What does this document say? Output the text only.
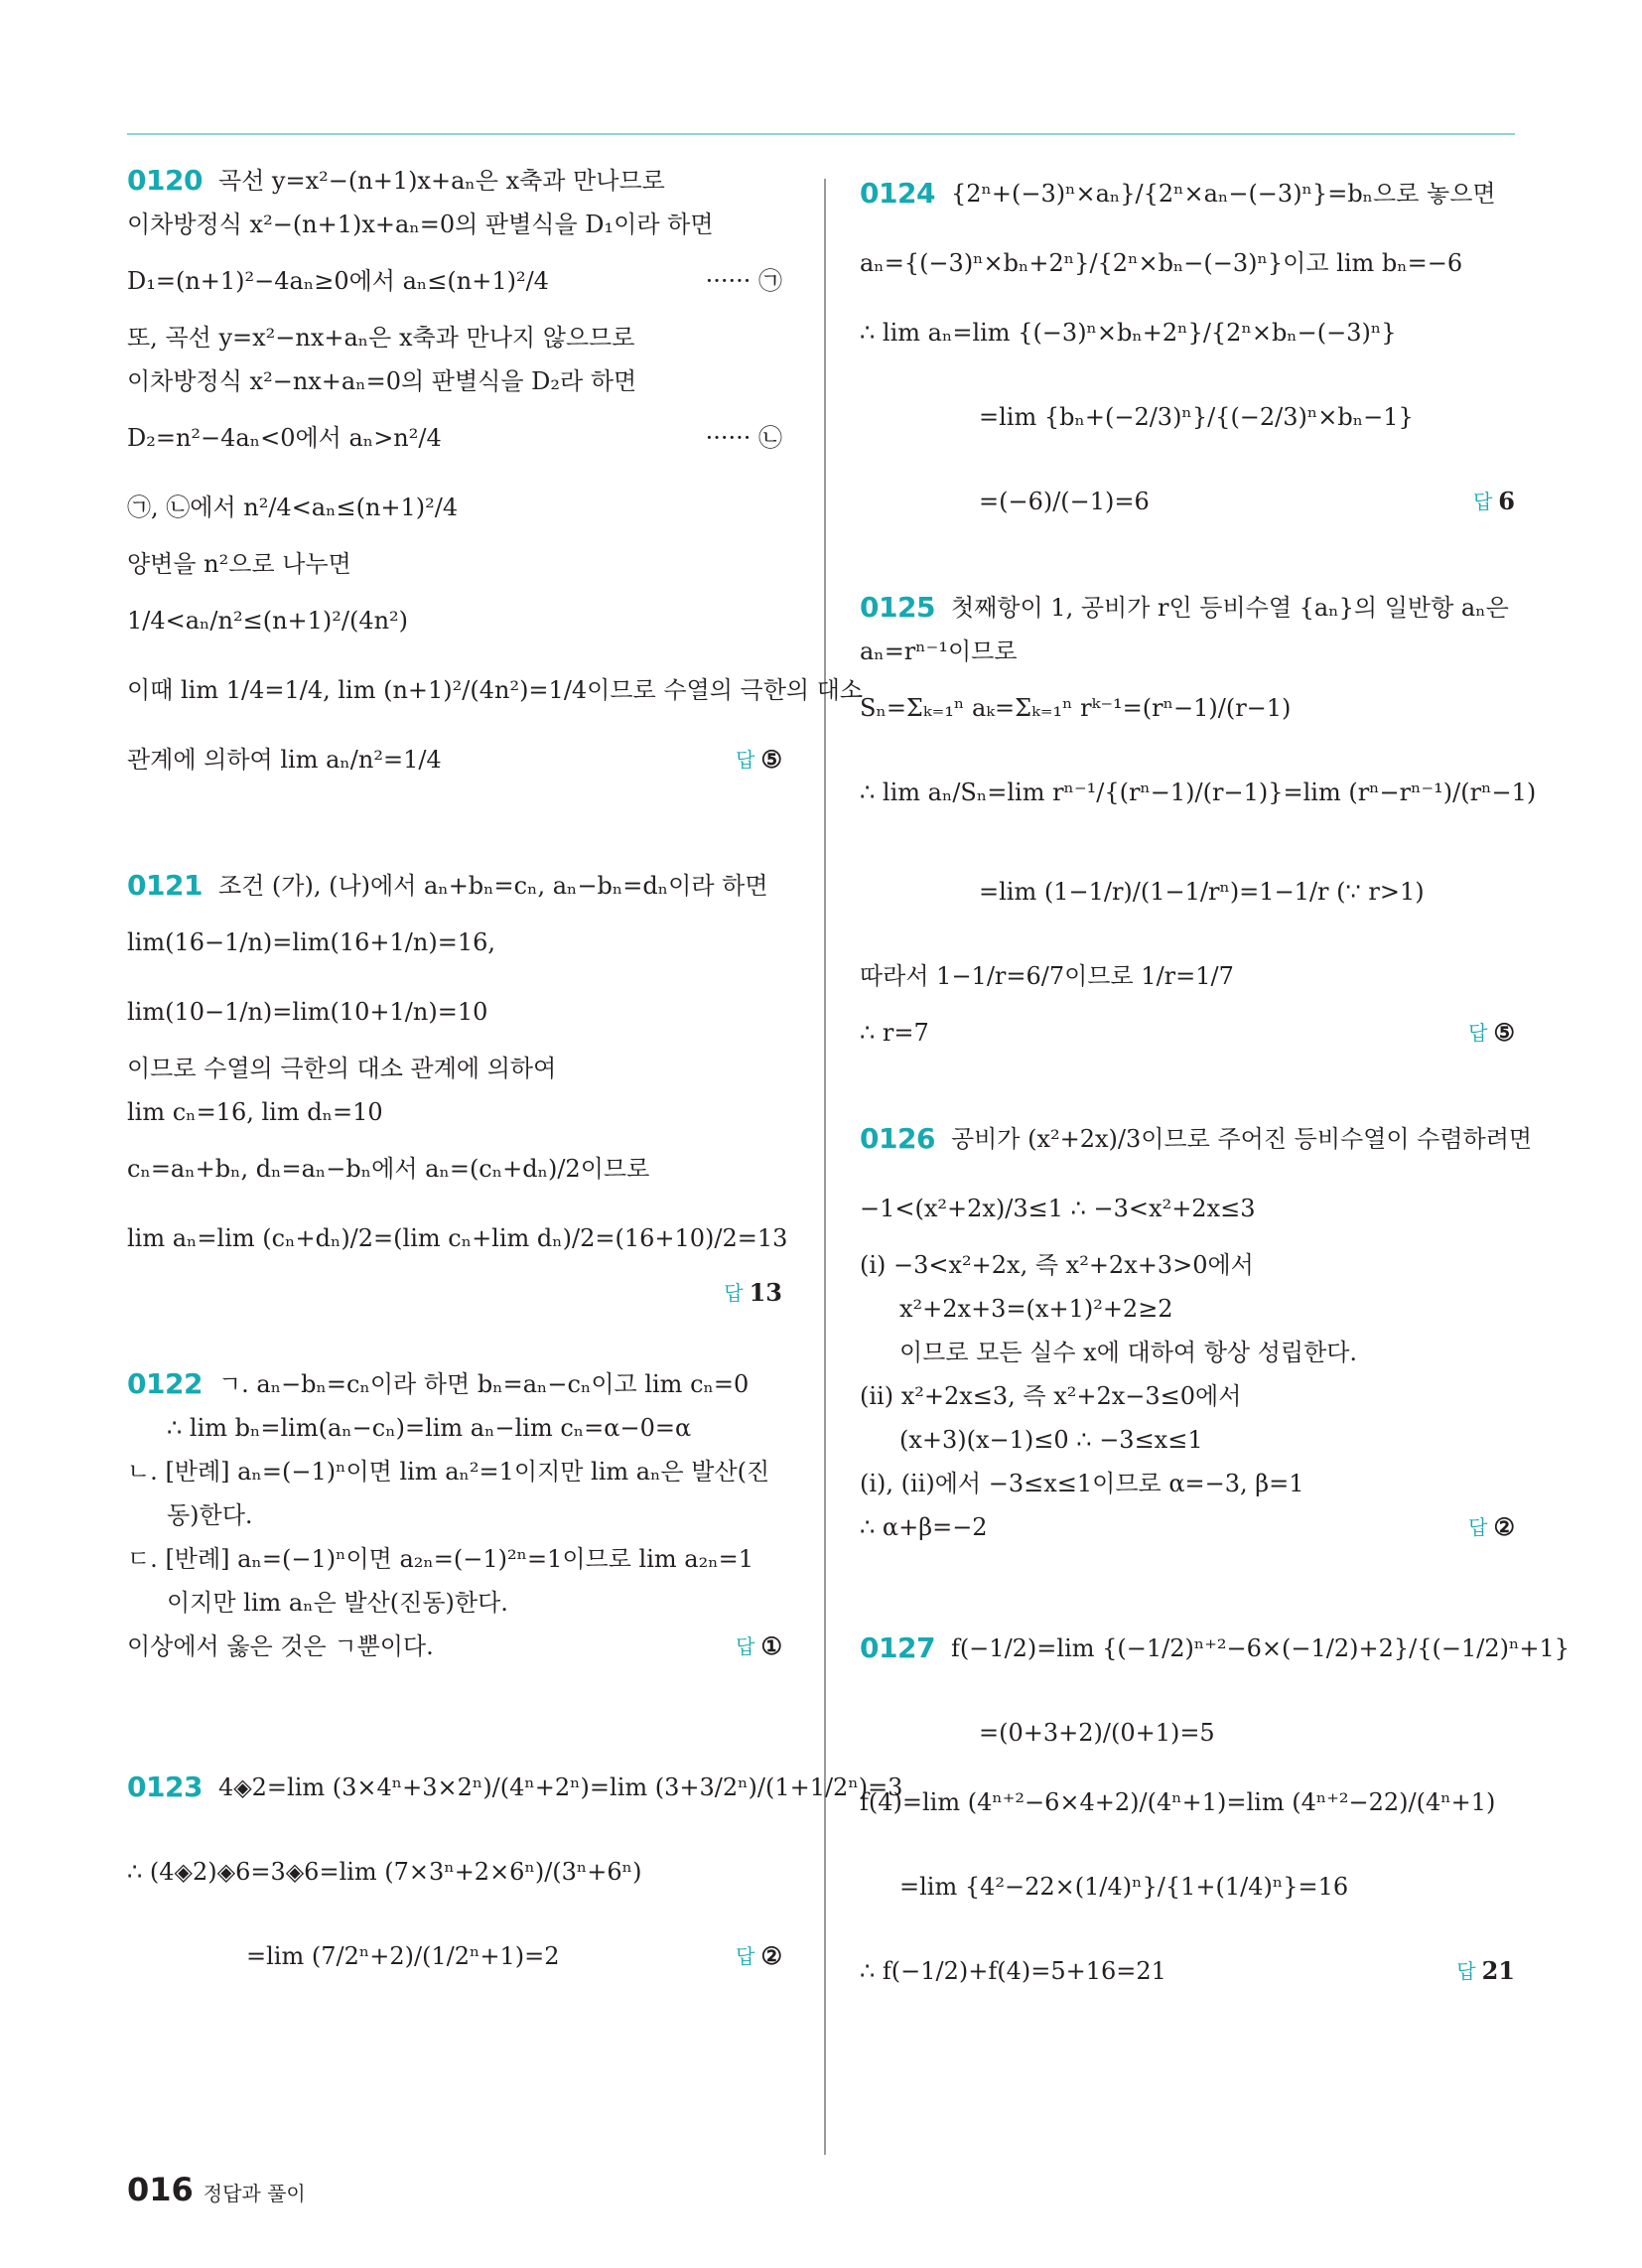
0120 곡선 y=x²−(n+1)x+aₙ은 x축과 만나므로
이차방정식 x²−(n+1)x+aₙ=0의 판별식을 D₁이라 하면
D₁=(n+1)²−4aₙ≥0에서 aₙ≤(n+1)²/4	······ ㉠
또, 곡선 y=x²−nx+aₙ은 x축과 만나지 않으므로
이차방정식 x²−nx+aₙ=0의 판별식을 D₂라 하면
D₂=n²−4aₙ<0에서 aₙ>n²/4	······ ㉡
㉠, ㉡에서 n²/4<aₙ≤(n+1)²/4
양변을 n²으로 나누면
1/4<aₙ/n²≤(n+1)²/(4n²)
이때 lim 1/4=1/4, lim (n+1)²/(4n²)=1/4이므로 수열의 극한의 대소
관계에 의하여 lim aₙ/n²=1/4	답 ⑤
0121 조건 (가), (나)에서 aₙ+bₙ=cₙ, aₙ−bₙ=dₙ이라 하면
lim(16−1/n)=lim(16+1/n)=16,
lim(10−1/n)=lim(10+1/n)=10
이므로 수열의 극한의 대소 관계에 의하여
lim cₙ=16, lim dₙ=10
cₙ=aₙ+bₙ, dₙ=aₙ−bₙ에서 aₙ=(cₙ+dₙ)/2이므로
lim aₙ=lim (cₙ+dₙ)/2=(lim cₙ+lim dₙ)/2=(16+10)/2=13
답 13
0122 ㄱ. aₙ−bₙ=cₙ이라 하면 bₙ=aₙ−cₙ이고 lim cₙ=0
∴ lim bₙ=lim(aₙ−cₙ)=lim aₙ−lim cₙ=α−0=α
ㄴ. [반례] aₙ=(−1)ⁿ이면 lim aₙ²=1이지만 lim aₙ은 발산(진
동)한다.
ㄷ. [반례] aₙ=(−1)ⁿ이면 a₂ₙ=(−1)²ⁿ=1이므로 lim a₂ₙ=1
이지만 lim aₙ은 발산(진동)한다.
이상에서 옳은 것은 ㄱ뿐이다.	답 ①
0123 4◈2=lim (3×4ⁿ+3×2ⁿ)/(4ⁿ+2ⁿ)=lim (3+3/2ⁿ)/(1+1/2ⁿ)=3
∴ (4◈2)◈6=3◈6=lim (7×3ⁿ+2×6ⁿ)/(3ⁿ+6ⁿ)
=lim (7/2ⁿ+2)/(1/2ⁿ+1)=2	답 ②
0124 {2ⁿ+(−3)ⁿ×aₙ}/{2ⁿ×aₙ−(−3)ⁿ}=bₙ으로 놓으면
aₙ={(−3)ⁿ×bₙ+2ⁿ}/{2ⁿ×bₙ−(−3)ⁿ}이고 lim bₙ=−6
∴ lim aₙ=lim {(−3)ⁿ×bₙ+2ⁿ}/{2ⁿ×bₙ−(−3)ⁿ}
=lim {bₙ+(−2/3)ⁿ}/{(−2/3)ⁿ×bₙ−1}
=(−6)/(−1)=6	답 6
0125 첫째항이 1, 공비가 r인 등비수열 {aₙ}의 일반항 aₙ은
aₙ=rⁿ⁻¹이므로
Sₙ=Σₖ₌₁ⁿ aₖ=Σₖ₌₁ⁿ rᵏ⁻¹=(rⁿ−1)/(r−1)
∴ lim aₙ/Sₙ=lim rⁿ⁻¹/{(rⁿ−1)/(r−1)}=lim (rⁿ−rⁿ⁻¹)/(rⁿ−1)
=lim (1−1/r)/(1−1/rⁿ)=1−1/r (∵ r>1)
따라서 1−1/r=6/7이므로 1/r=1/7
∴ r=7	답 ⑤
0126 공비가 (x²+2x)/3이므로 주어진 등비수열이 수렴하려면
−1<(x²+2x)/3≤1 ∴ −3<x²+2x≤3
(ⅰ) −3<x²+2x, 즉 x²+2x+3>0에서
x²+2x+3=(x+1)²+2≥2
이므로 모든 실수 x에 대하여 항상 성립한다.
(ⅱ) x²+2x≤3, 즉 x²+2x−3≤0에서
(x+3)(x−1)≤0 ∴ −3≤x≤1
(ⅰ), (ⅱ)에서 −3≤x≤1이므로 α=−3, β=1
∴ α+β=−2	답 ②
0127 f(−1/2)=lim {(−1/2)ⁿ⁺²−6×(−1/2)+2}/{(−1/2)ⁿ+1}
=(0+3+2)/(0+1)=5
f(4)=lim (4ⁿ⁺²−6×4+2)/(4ⁿ+1)=lim (4ⁿ⁺²−22)/(4ⁿ+1)
=lim {4²−22×(1/4)ⁿ}/{1+(1/4)ⁿ}=16
∴ f(−1/2)+f(4)=5+16=21	답 21
016 정답과 풀이
